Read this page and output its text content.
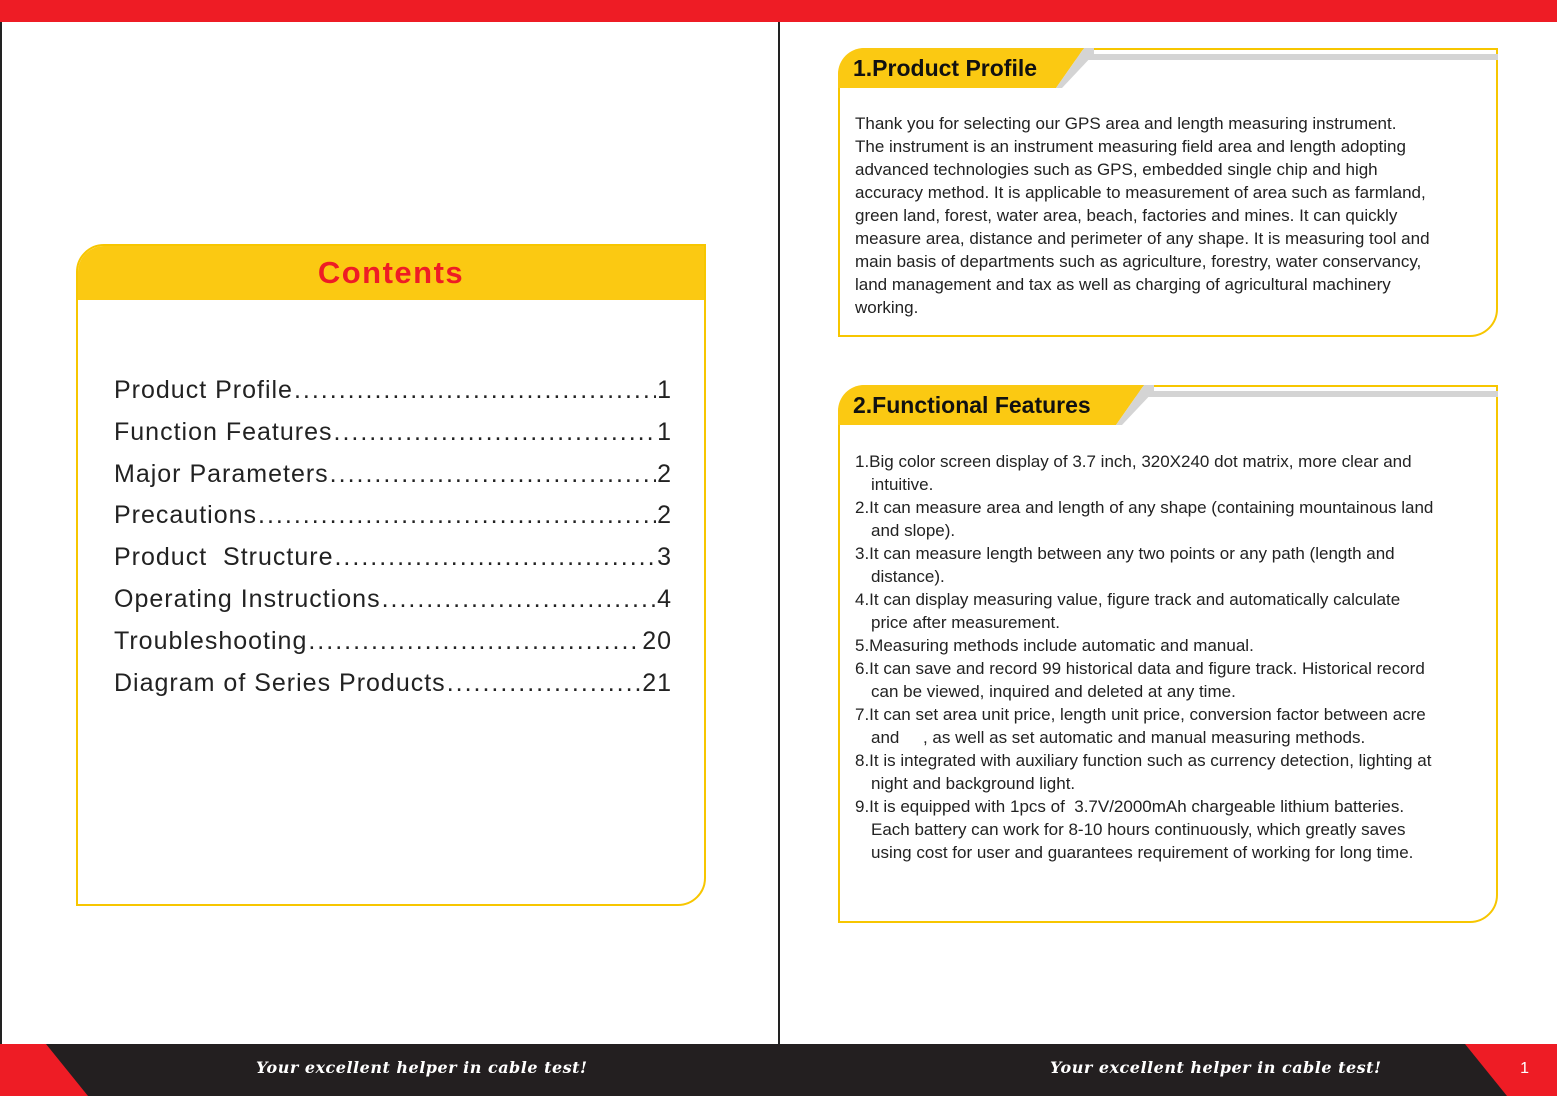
Contents
Product Profile .....	1
Function Features .....	1
Major Parameters .....	2
Precautions .....	2
Product  Structure .....	3
Operating Instructions .....	4
Troubleshooting .....	20
Diagram of Series Products .....	21
1.Product Profile
Thank you for selecting our GPS area and length measuring instrument.
The instrument is an instrument measuring field area and length adopting
advanced technologies such as GPS, embedded single chip and high
accuracy method. It is applicable to measurement of area such as farmland,
green land, forest, water area, beach, factories and mines. It can quickly
measure area, distance and perimeter of any shape. It is measuring tool and
main basis of departments such as agriculture, forestry, water conservancy,
land management and tax as well as charging of agricultural machinery
working.
2.Functional Features
1.Big color screen display of 3.7 inch, 320X240 dot matrix, more clear and
intuitive.
2.It can measure area and length of any shape (containing mountainous land
and slope).
3.It can measure length between any two points or any path (length and
distance).
4.It can display measuring value, figure track and automatically calculate
price after measurement.
5.Measuring methods include automatic and manual.
6.It can save and record 99 historical data and figure track. Historical record
can be viewed, inquired and deleted at any time.
7.It can set area unit price, length unit price, conversion factor between acre
and     , as well as set automatic and manual measuring methods.
8.It is integrated with auxiliary function such as currency detection, lighting at
night and background light.
9.It is equipped with 1pcs of  3.7V/2000mAh chargeable lithium batteries.
Each battery can work for 8-10 hours continuously, which greatly saves
using cost for user and guarantees requirement of working for long time.
Your excellent helper in cable test!	Your excellent helper in cable test!	1
